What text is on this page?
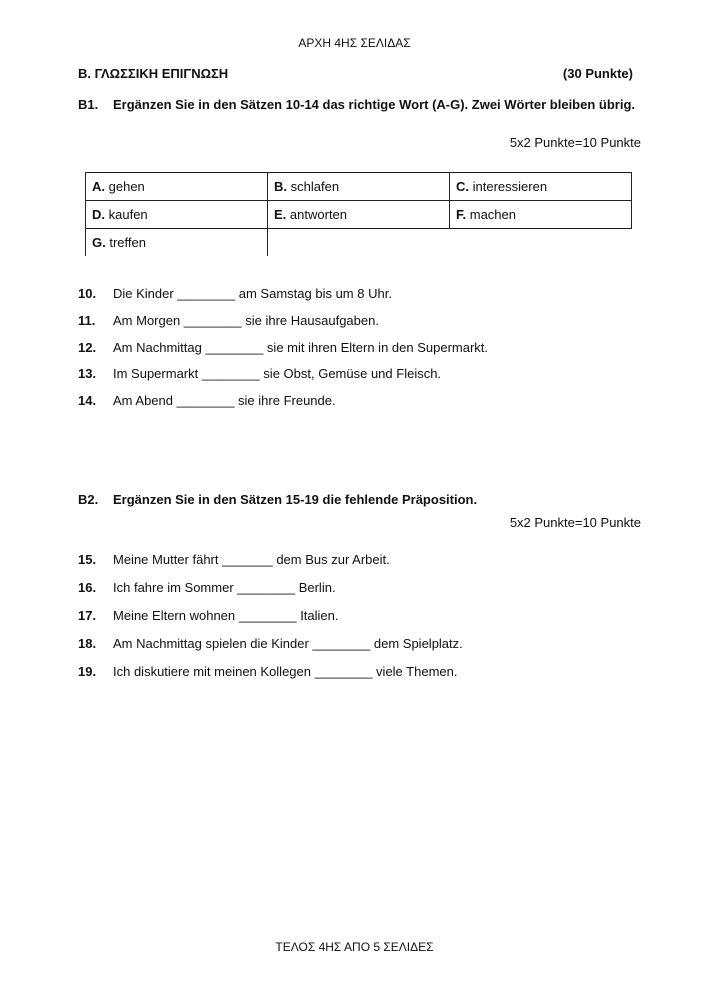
ΑΡΧΗ 4ΗΣ ΣΕΛΙΔΑΣ
B. ΓΛΩΣΣΙΚΗ ΕΠΙΓΝΩΣΗ	(30 Punkte)
B1. Ergänzen Sie in den Sätzen 10-14 das richtige Wort (A-G). Zwei Wörter bleiben übrig.
5x2 Punkte=10 Punkte
A. gehen	B. schlafen	C. interessieren
D. kaufen	E. antworten	F. machen
G. treffen		
10. Die Kinder ________ am Samstag bis um 8 Uhr.
11. Am Morgen ________ sie ihre Hausaufgaben.
12. Am Nachmittag ________ sie mit ihren Eltern in den Supermarkt.
13. Im Supermarkt ________ sie Obst, Gemüse und Fleisch.
14. Am Abend ________ sie ihre Freunde.
B2. Ergänzen Sie in den Sätzen 15-19 die fehlende Präposition.
5x2 Punkte=10 Punkte
15. Meine Mutter fährt _______ dem Bus zur Arbeit.
16. Ich fahre im Sommer ________ Berlin.
17. Meine Eltern wohnen ________ Italien.
18. Am Nachmittag spielen die Kinder ________ dem Spielplatz.
19. Ich diskutiere mit meinen Kollegen ________ viele Themen.
ΤΕΛΟΣ 4ΗΣ ΑΠΟ 5 ΣΕΛΙΔΕΣ
